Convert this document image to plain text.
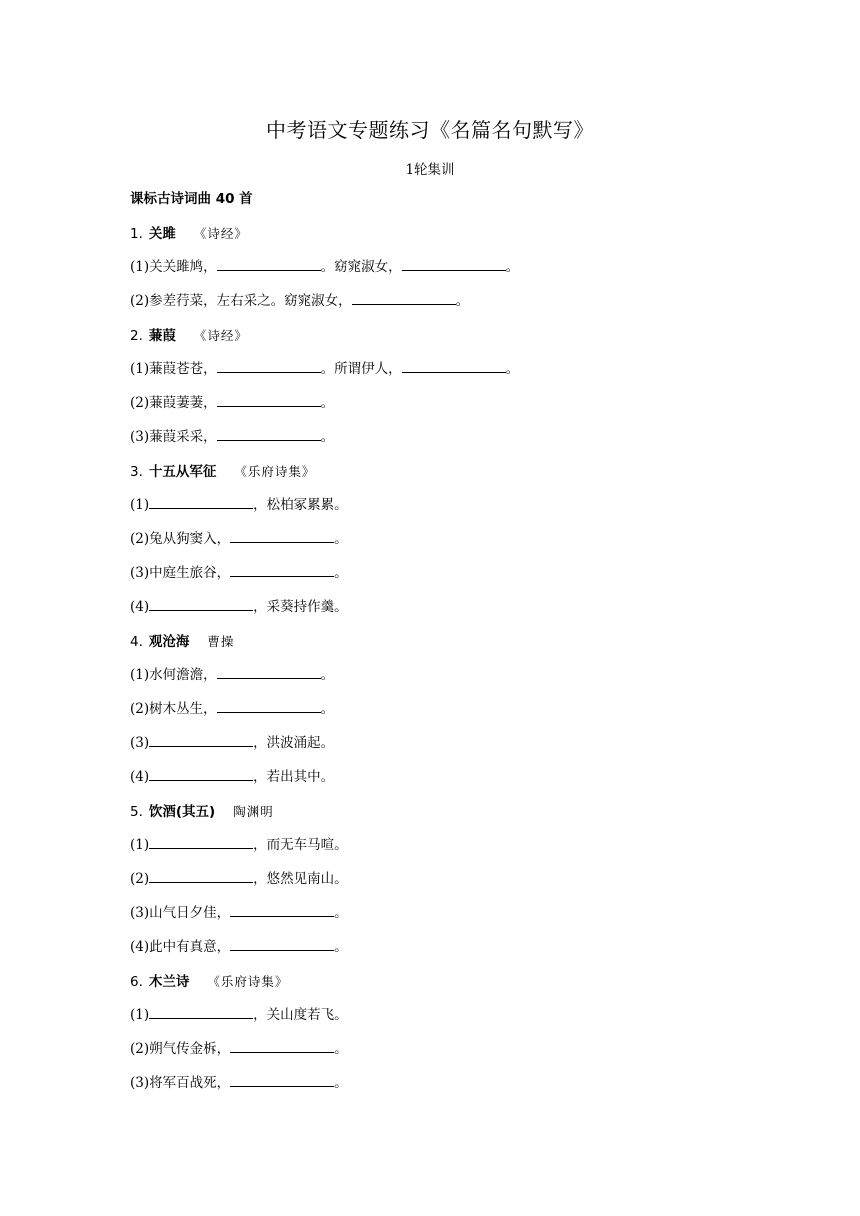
中考语文专题练习《名篇名句默写》
1轮集训
课标古诗词曲 40 首
1. 关雎 《诗经》
(1)关关雎鸠，	。窈窕淑女，	。
(2)参差荇菜，左右采之。窈窕淑女，	。
2. 蒹葭 《诗经》
(1)蒹葭苍苍，	。所谓伊人，	。
(2)蒹葭萋萋，	。
(3)蒹葭采采，	。
3. 十五从军征 《乐府诗集》
(1)	，松柏冢累累。
(2)兔从狗窦入，	。
(3)中庭生旅谷，	。
(4)	，采葵持作羹。
4. 观沧海 曹操
(1)水何澹澹，	。
(2)树木丛生，	。
(3)	，洪波涌起。
(4)	，若出其中。
5. 饮酒(其五) 陶渊明
(1)	，而无车马喧。
(2)	，悠然见南山。
(3)山气日夕佳，	。
(4)此中有真意，	。
6. 木兰诗 《乐府诗集》
(1)	，关山度若飞。
(2)朔气传金柝，	。
(3)将军百战死，	。
